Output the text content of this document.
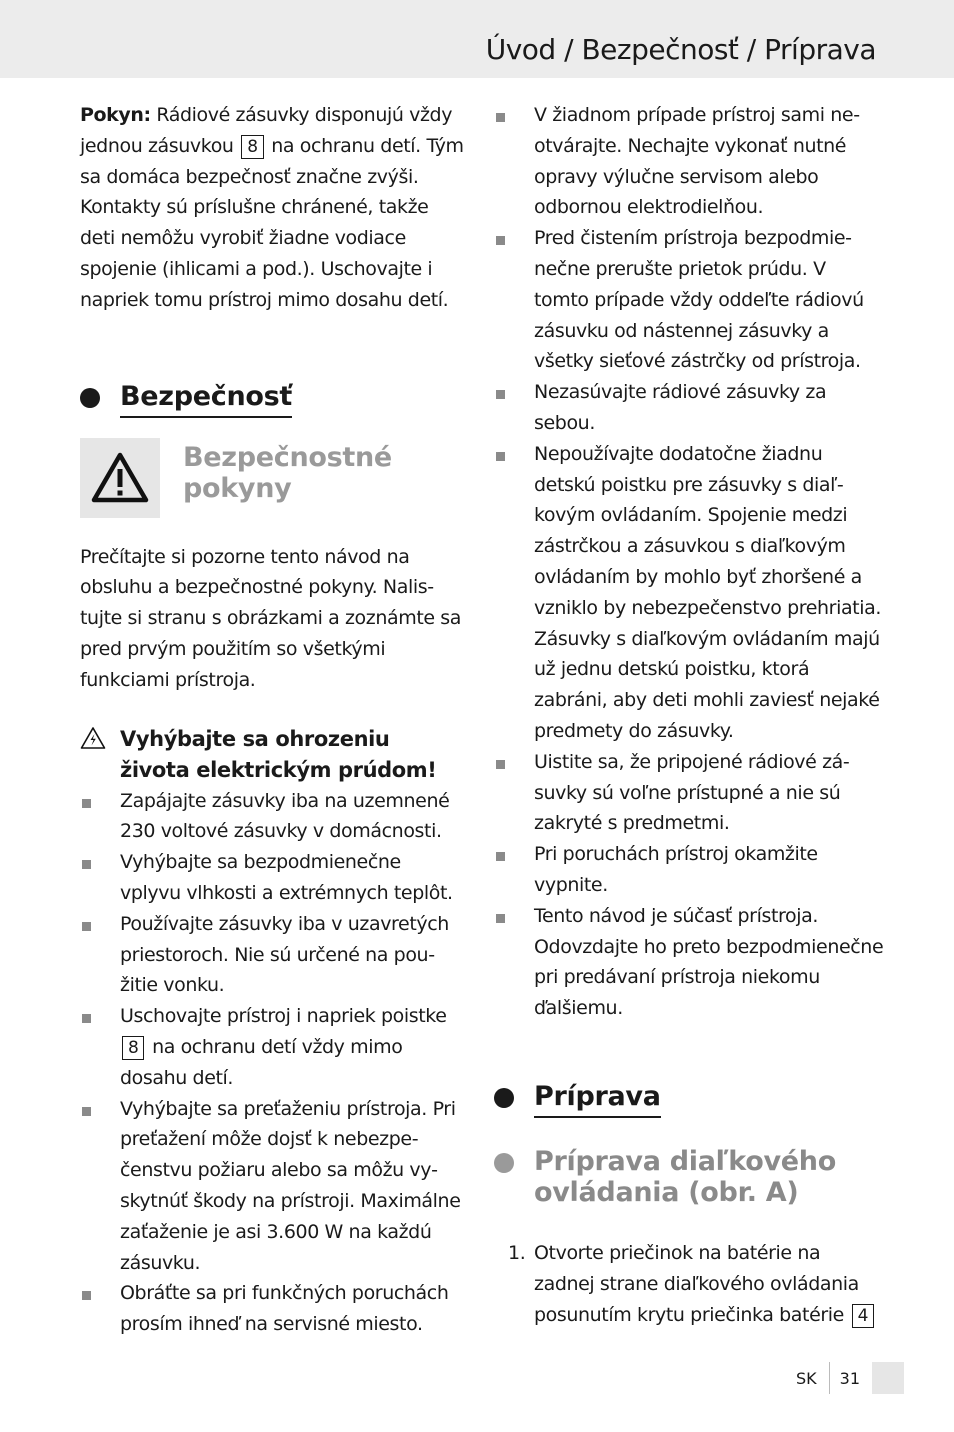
Úvod / Bezpečnosť / Príprava

Pokyn: Rádiové zásuvky disponujú vždy jednou zásuvkou 8 na ochranu detí. Tým sa domáca bezpečnosť značne zvýši. Kontakty sú príslušne chránené, takže deti nemôžu vyrobiť žiadne vodiace spojenie (ihlicami a pod.). Uschovajte i napriek tomu prístroj mimo dosahu detí.

Bezpečnosť
Bezpečnostné
pokyny

Prečítajte si pozorne tento návod na obsluhu a bezpečnostné pokyny. Nalistujte si stranu s obrázkami a zoznámte sa pred prvým použitím so všetkými funkciami prístroja.

Vyhýbajte sa ohrozeniu
života elektrickým prúdom!
Zapájajte zásuvky iba na uzemnené 230 voltové zásuvky v domácnosti.
Vyhýbajte sa bezpodmienečne vplyvu vlhkosti a extrémnych teplôt.
Používajte zásuvky iba v uzavretých priestoroch. Nie sú určené na použitie vonku.
Uschovajte prístroj i napriek poistke 8 na ochranu detí vždy mimo dosahu detí.
Vyhýbajte sa preťaženiu prístroja. Pri preťažení môže dojsť k nebezpečenstvu požiaru alebo sa môžu vyskytnúť škody na prístroji. Maximálne zaťaženie je asi 3.600 W na každú zásuvku.
Obráťte sa pri funkčných poruchách prosím ihneď na servisné miesto.
V žiadnom prípade prístroj sami neotvárajte. Nechajte vykonať nutné opravy výlučne servisom alebo odbornou elektrodielňou.
Pred čistením prístroja bezpodmienečne prerušte prietok prúdu. V tomto prípade vždy oddeľte rádiovú zásuvku od nástennej zásuvky a všetky sieťové zástrčky od prístroja.
Nezasúvajte rádiové zásuvky za sebou.
Nepoužívajte dodatočne žiadnu detskú poistku pre zásuvky s diaľkovým ovládaním. Spojenie medzi zástrčkou a zásuvkou s diaľkovým ovládaním by mohlo byť zhoršené a vzniklo by nebezpečenstvo prehriatia. Zásuvky s diaľkovým ovládaním majú už jednu detskú poistku, ktorá zabráni, aby deti mohli zaviesť nejaké predmety do zásuvky.
Uistite sa, že pripojené rádiové zásuvky sú voľne prístupné a nie sú zakryté s predmetmi.
Pri poruchách prístroj okamžite vypnite.
Tento návod je súčasť prístroja. Odovzdajte ho preto bezpodmienečne pri predávaní prístroja niekomu ďalšiemu.
Príprava
Príprava diaľkového
ovládania (obr. A)
1. Otvorte priečinok na batérie na zadnej strane diaľkového ovládania posunutím krytu priečinka batérie 4
SK	31
